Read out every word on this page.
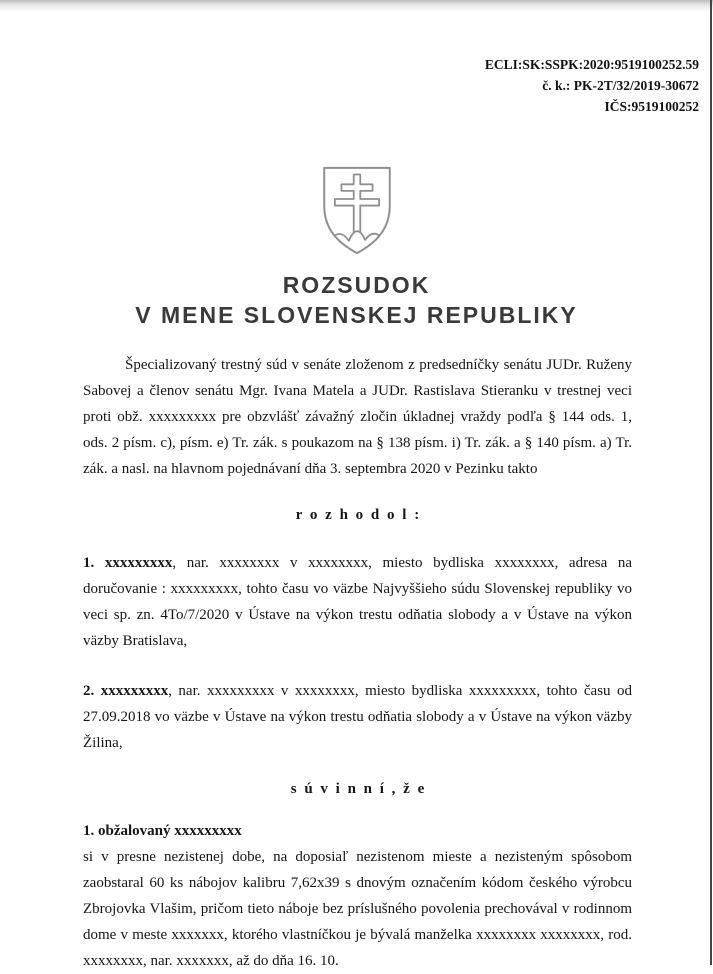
ECLI:SK:SSPK:2020:9519100252.59
č. k.: PK-2T/32/2019-30672
IČS:9519100252
ROZSUDOK
V MENE SLOVENSKEJ REPUBLIKY

Špecializovaný trestný súd v senáte zloženom z predsedníčky senátu JUDr. Ruženy Sabovej a členov senátu Mgr. Ivana Matela a JUDr. Rastislava Stieranku v trestnej veci proti obž. xxxxxxxxx pre obzvlášť závažný zločin úkladnej vraždy podľa § 144 ods. 1, ods. 2 písm. c), písm. e) Tr. zák. s poukazom na § 138 písm. i) Tr. zák. a § 140 písm. a) Tr. zák. a nasl. na hlavnom pojednávaní dňa 3. septembra 2020 v Pezinku takto

r o z h o d o l :

1. xxxxxxxxx, nar. xxxxxxxx v xxxxxxxx, miesto bydliska xxxxxxxx, adresa na doručovanie : xxxxxxxxx, tohto času vo väzbe Najvyššieho súdu Slovenskej republiky vo veci sp. zn. 4To/7/2020 v Ústave na výkon trestu odňatia slobody a v Ústave na výkon väzby Bratislava,

2. xxxxxxxxx, nar. xxxxxxxxx v xxxxxxxx, miesto bydliska xxxxxxxxx, tohto času od 27.09.2018 vo väzbe v Ústave na výkon trestu odňatia slobody a v Ústave na výkon väzby Žilina,

s ú v i n n í , ž e

1. obžalovaný xxxxxxxxx

si v presne nezistenej dobe, na doposiaľ nezistenom mieste a nezisteným spôsobom zaobstaral 60 ks nábojov kalibru 7,62x39 s dnovým označením kódom českého výrobcu Zbrojovka Vlašim, pričom tieto náboje bez príslušného povolenia prechovával v rodinnom dome v meste xxxxxxx, ktorého vlastníčkou je bývalá manželka xxxxxxxx xxxxxxxx, rod. xxxxxxxx, nar. xxxxxxx, až do dňa 16. 10.
